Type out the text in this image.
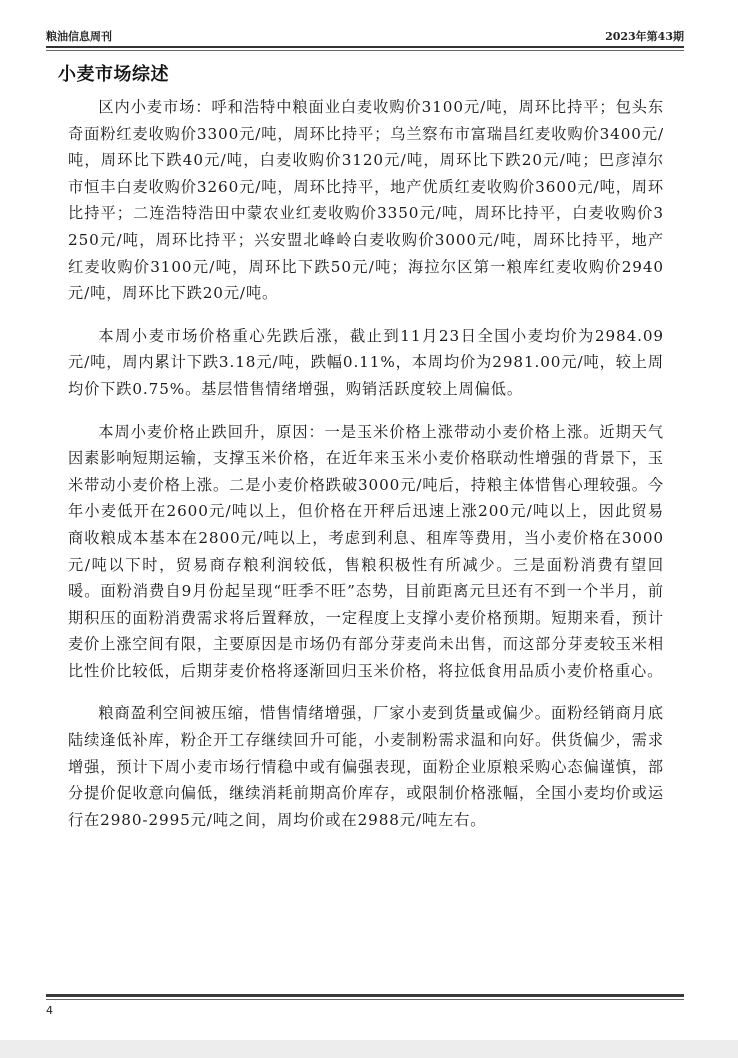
粮油信息周刊	2023年第43期
小麦市场综述

区内小麦市场：呼和浩特中粮面业白麦收购价3100元/吨，周环比持平；包头东奇面粉红麦收购价3300元/吨，周环比持平；乌兰察布市富瑞昌红麦收购价3400元/吨，周环比下跌40元/吨，白麦收购价3120元/吨，周环比下跌20元/吨；巴彦淖尔市恒丰白麦收购价3260元/吨，周环比持平，地产优质红麦收购价3600元/吨，周环比持平；二连浩特浩田中蒙农业红麦收购价3350元/吨，周环比持平，白麦收购价3250元/吨，周环比持平；兴安盟北峰岭白麦收购价3000元/吨，周环比持平，地产红麦收购价3100元/吨，周环比下跌50元/吨；海拉尔区第一粮库红麦收购价2940元/吨，周环比下跌20元/吨。

本周小麦市场价格重心先跌后涨，截止到11月23日全国小麦均价为2984.09元/吨，周内累计下跌3.18元/吨，跌幅0.11%，本周均价为2981.00元/吨，较上周均价下跌0.75%。基层惜售情绪增强，购销活跃度较上周偏低。

本周小麦价格止跌回升，原因：一是玉米价格上涨带动小麦价格上涨。近期天气因素影响短期运输，支撑玉米价格，在近年来玉米小麦价格联动性增强的背景下，玉米带动小麦价格上涨。二是小麦价格跌破3000元/吨后，持粮主体惜售心理较强。今年小麦低开在2600元/吨以上，但价格在开秤后迅速上涨200元/吨以上，因此贸易商收粮成本基本在2800元/吨以上，考虑到利息、租库等费用，当小麦价格在3000元/吨以下时，贸易商存粮利润较低，售粮积极性有所减少。三是面粉消费有望回暖。面粉消费自9月份起呈现“旺季不旺”态势，目前距离元旦还有不到一个半月，前期积压的面粉消费需求将后置释放，一定程度上支撑小麦价格预期。短期来看，预计麦价上涨空间有限，主要原因是市场仍有部分芽麦尚未出售，而这部分芽麦较玉米相比性价比较低，后期芽麦价格将逐渐回归玉米价格，将拉低食用品质小麦价格重心。

粮商盈利空间被压缩，惜售情绪增强，厂家小麦到货量或偏少。面粉经销商月底陆续逢低补库，粉企开工存继续回升可能，小麦制粉需求温和向好。供货偏少，需求增强，预计下周小麦市场行情稳中或有偏强表现，面粉企业原粮采购心态偏谨慎，部分提价促收意向偏低，继续消耗前期高价库存，或限制价格涨幅，全国小麦均价或运行在2980-2995元/吨之间，周均价或在2988元/吨左右。

4
